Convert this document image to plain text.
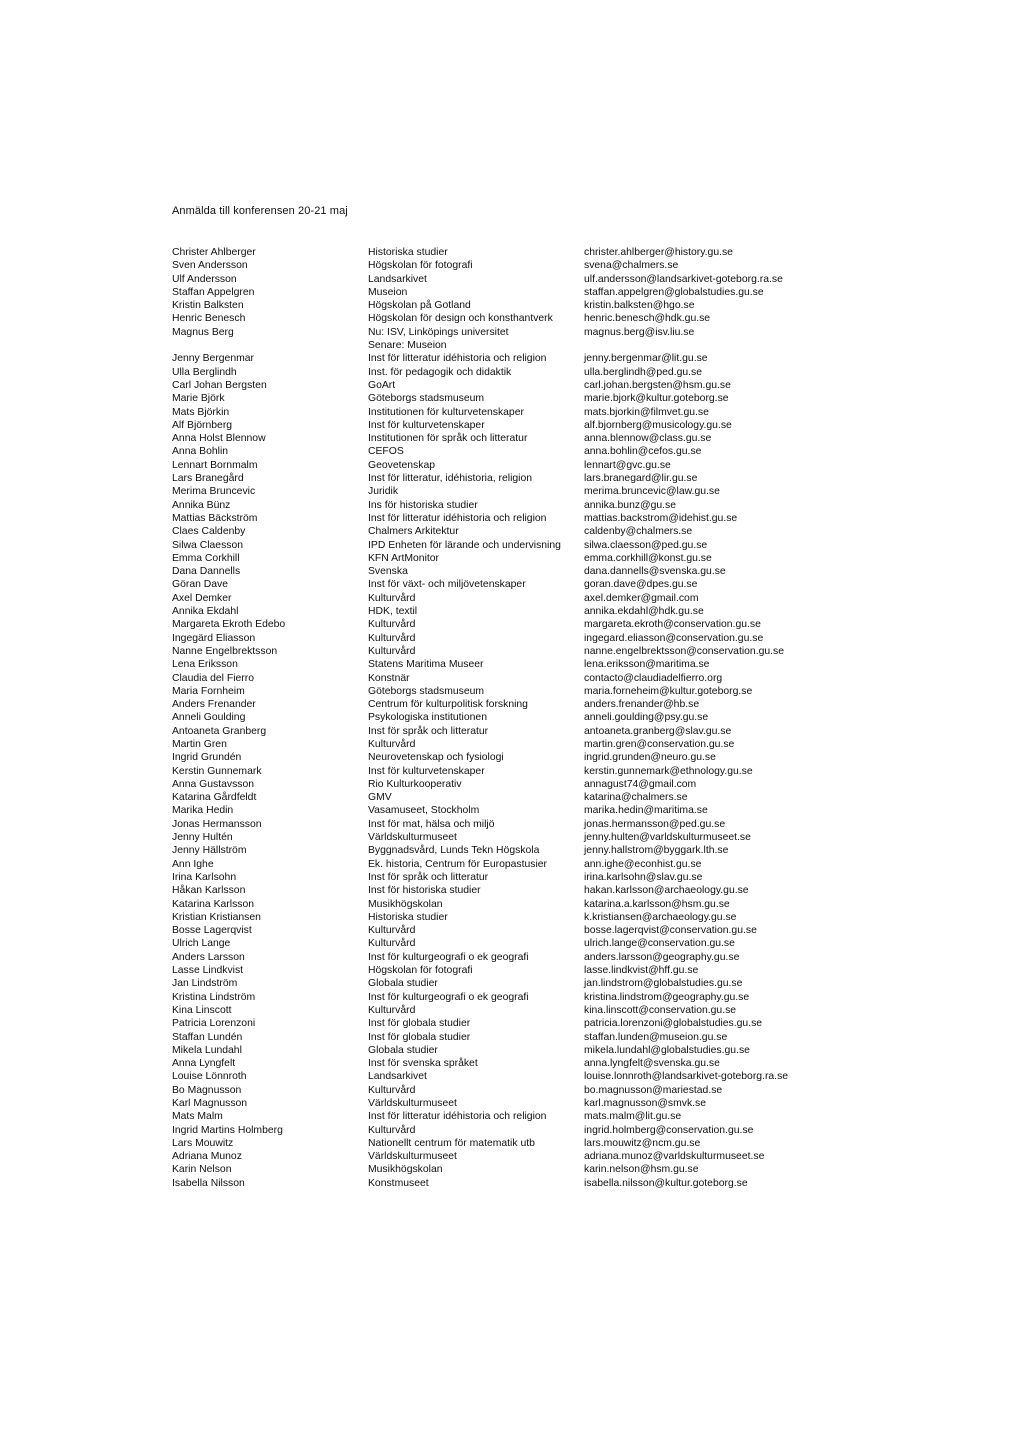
Anmälda till konferensen 20-21 maj
Christer Ahlberger	Historiska studier	christer.ahlberger@history.gu.se
Sven Andersson	Högskolan för fotografi	svena@chalmers.se
Ulf Andersson	Landsarkivet	ulf.andersson@landsarkivet-goteborg.ra.se
Staffan Appelgren	Museion	staffan.appelgren@globalstudies.gu.se
Kristin Balksten	Högskolan på Gotland	kristin.balksten@hgo.se
Henric Benesch	Högskolan för design och konsthantverk	henric.benesch@hdk.gu.se
Magnus Berg	Nu: ISV, Linköpings universitet	magnus.berg@isv.liu.se
Senare: Museion
Jenny Bergenmar	Inst för litteratur idéhistoria och religion	jenny.bergenmar@lit.gu.se
Ulla Berglindh	Inst. för pedagogik och didaktik	ulla.berglindh@ped.gu.se
Carl Johan Bergsten	GoArt	carl.johan.bergsten@hsm.gu.se
Marie Björk	Göteborgs stadsmuseum	marie.bjork@kultur.goteborg.se
Mats Björkin	Institutionen för kulturvetenskaper	mats.bjorkin@filmvet.gu.se
Alf Björnberg	Inst för kulturvetenskaper	alf.bjornberg@musicology.gu.se
Anna Holst Blennow	Institutionen för språk och litteratur	anna.blennow@class.gu.se
Anna Bohlin	CEFOS	anna.bohlin@cefos.gu.se
Lennart Bornmalm	Geovetenskap	lennart@gvc.gu.se
Lars Branegård	Inst för litteratur, idéhistoria, religion	lars.branegard@lir.gu.se
Merima Bruncevic	Juridik	merima.bruncevic@law.gu.se
Annika Bünz	Ins för historiska studier	annika.bunz@gu.se
Mattias Bäckström	Inst för litteratur idéhistoria och religion	mattias.backstrom@idehist.gu.se
Claes Caldenby	Chalmers Arkitektur	caldenby@chalmers.se
Silwa Claesson	IPD Enheten för lärande och undervisning silwa.claesson@ped.gu.se
Emma Corkhill	KFN ArtMonitor	emma.corkhill@konst.gu.se
Dana Dannells	Svenska	dana.dannells@svenska.gu.se
Göran Dave	Inst för växt- och miljövetenskaper	goran.dave@dpes.gu.se
Axel Demker	Kulturvård	axel.demker@gmail.com
Annika Ekdahl	HDK, textil	annika.ekdahl@hdk.gu.se
Margareta Ekroth Edebo	Kulturvård	margareta.ekroth@conservation.gu.se
Ingegärd Eliasson	Kulturvård	ingegard.eliasson@conservation.gu.se
Nanne Engelbrektsson	Kulturvård	nanne.engelbrektsson@conservation.gu.se
Lena Eriksson	Statens Maritima Museer	lena.eriksson@maritima.se
Claudia del Fierro	Konstnär	contacto@claudiadelfierro.org
Maria Fornheim	Göteborgs stadsmuseum	maria.forneheim@kultur.goteborg.se
Anders Frenander	Centrum för kulturpolitisk forskning	anders.frenander@hb.se
Anneli Goulding	Psykologiska institutionen	anneli.goulding@psy.gu.se
Antoaneta Granberg	Inst för språk och litteratur	antoaneta.granberg@slav.gu.se
Martin Gren	Kulturvård	martin.gren@conservation.gu.se
Ingrid Grundén	Neurovetenskap och fysiologi	ingrid.grunden@neuro.gu.se
Kerstin Gunnemark	Inst för kulturvetenskaper	kerstin.gunnemark@ethnology.gu.se
Anna Gustavsson	Rio Kulturkooperativ	annagust74@gmail.com
Katarina Gårdfeldt	GMV	katarina@chalmers.se
Marika Hedin	Vasamuseet, Stockholm	marika.hedin@maritima.se
Jonas Hermansson	Inst för mat, hälsa och miljö	jonas.hermansson@ped.gu.se
Jenny Hultén	Världskulturmuseet	jenny.hulten@varldskulturmuseet.se
Jenny Hällström	Byggnadsvård, Lunds Tekn Högskola	jenny.hallstrom@byggark.lth.se
Ann Ighe	Ek. historia, Centrum för Europastusier	ann.ighe@econhist.gu.se
Irina Karlsohn	Inst för språk och litteratur	irina.karlsohn@slav.gu.se
Håkan Karlsson	Inst för historiska studier	hakan.karlsson@archaeology.gu.se
Katarina Karlsson	Musikhögskolan	katarina.a.karlsson@hsm.gu.se
Kristian Kristiansen	Historiska studier	k.kristiansen@archaeology.gu.se
Bosse Lagerqvist	Kulturvård	bosse.lagerqvist@conservation.gu.se
Ulrich Lange	Kulturvård	ulrich.lange@conservation.gu.se
Anders Larsson	Inst för kulturgeografi o ek geografi	anders.larsson@geography.gu.se
Lasse Lindkvist	Högskolan för fotografi	lasse.lindkvist@hff.gu.se
Jan Lindström	Globala studier	jan.lindstrom@globalstudies.gu.se
Kristina Lindström	Inst för kulturgeografi o ek geografi	kristina.lindstrom@geography.gu.se
Kina Linscott	Kulturvård	kina.linscott@conservation.gu.se
Patricia Lorenzoni	Inst för globala studier	patricia.lorenzoni@globalstudies.gu.se
Staffan Lundén	Inst för globala studier	staffan.lunden@museion.gu.se
Mikela Lundahl	Globala studier	mikela.lundahl@globalstudies.gu.se
Anna Lyngfelt	Inst för svenska språket	anna.lyngfelt@svenska.gu.se
Louise Lönnroth	Landsarkivet	louise.lonnroth@landsarkivet-goteborg.ra.se
Bo Magnusson	Kulturvård	bo.magnusson@mariestad.se
Karl Magnusson	Världskulturmuseet	karl.magnusson@smvk.se
Mats Malm	Inst för litteratur idéhistoria och religion	mats.malm@lit.gu.se
Ingrid Martins Holmberg	Kulturvård	ingrid.holmberg@conservation.gu.se
Lars Mouwitz	Nationellt centrum för matematik utb	lars.mouwitz@ncm.gu.se
Adriana Munoz	Världskulturmuseet	adriana.munoz@varldskulturmuseet.se
Karin Nelson	Musikhögskolan	karin.nelson@hsm.gu.se
Isabella Nilsson	Konstmuseet	isabella.nilsson@kultur.goteborg.se
